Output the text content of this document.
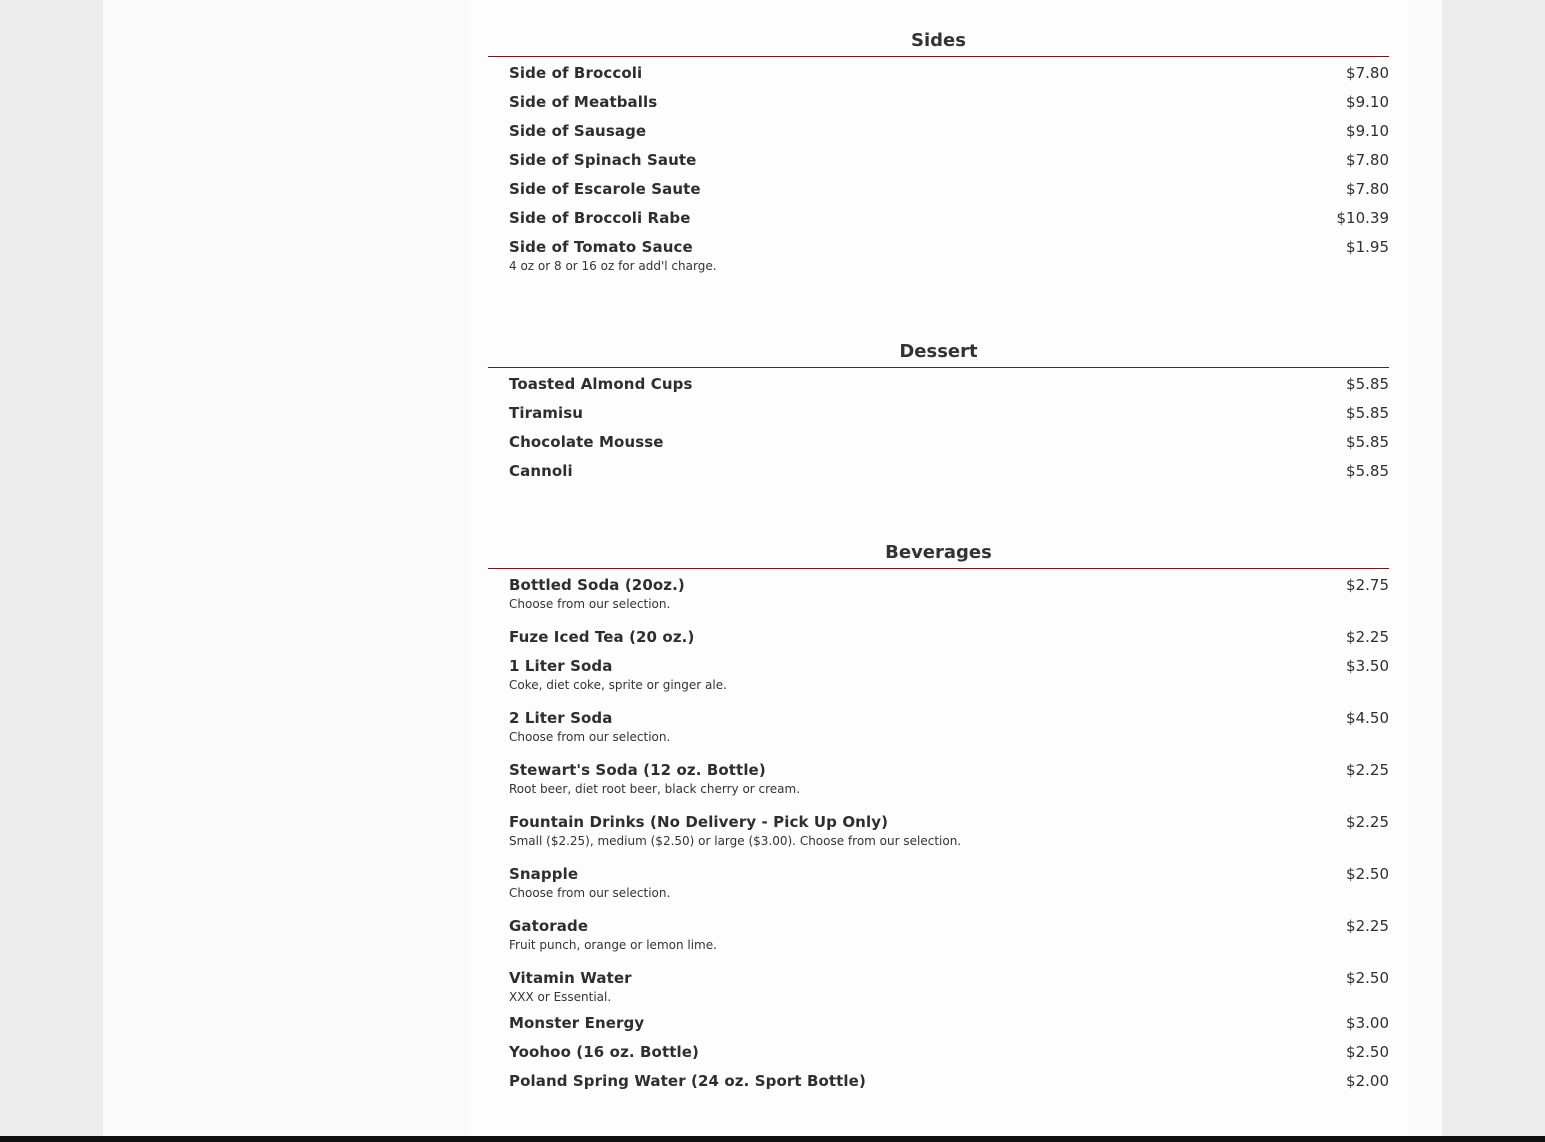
Sides
Side of Broccoli	$7.80
Side of Meatballs	$9.10
Side of Sausage	$9.10
Side of Spinach Saute	$7.80
Side of Escarole Saute	$7.80
Side of Broccoli Rabe	$10.39
Side of Tomato Sauce	$1.95
4 oz or 8 or 16 oz for add'l charge.
Dessert
Toasted Almond Cups	$5.85
Tiramisu	$5.85
Chocolate Mousse	$5.85
Cannoli	$5.85
Beverages
Bottled Soda (20oz.)	$2.75
Choose from our selection.
Fuze Iced Tea (20 oz.)	$2.25
1 Liter Soda	$3.50
Coke, diet coke, sprite or ginger ale.
2 Liter Soda	$4.50
Choose from our selection.
Stewart's Soda (12 oz. Bottle)	$2.25
Root beer, diet root beer, black cherry or cream.
Fountain Drinks (No Delivery - Pick Up Only)	$2.25
Small ($2.25), medium ($2.50) or large ($3.00). Choose from our selection.
Snapple	$2.50
Choose from our selection.
Gatorade	$2.25
Fruit punch, orange or lemon lime.
Vitamin Water	$2.50
XXX or Essential.
Monster Energy	$3.00
Yoohoo (16 oz. Bottle)	$2.50
Poland Spring Water (24 oz. Sport Bottle)	$2.00
